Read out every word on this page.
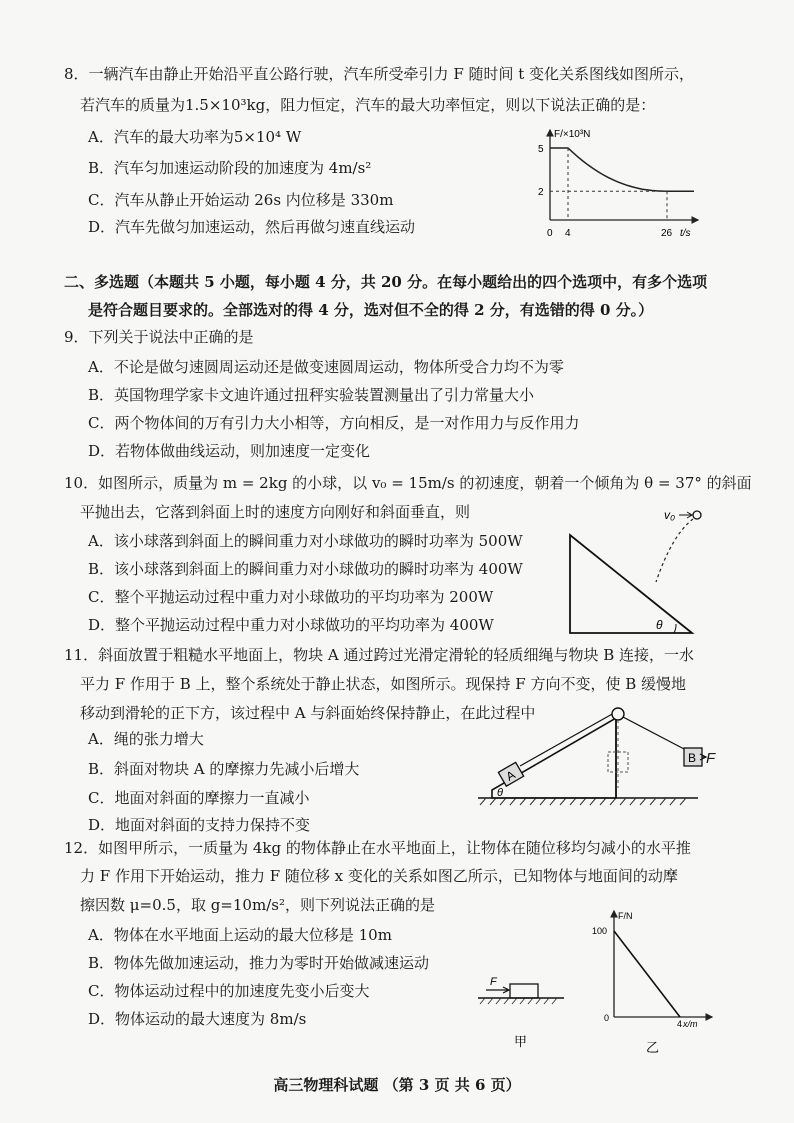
8．一辆汽车由静止开始沿平直公路行驶，汽车所受牵引力 F 随时间 t 变化关系图线如图所示，
若汽车的质量为1.5×10³kg，阻力恒定，汽车的最大功率恒定，则以下说法正确的是：
A．汽车的最大功率为5×10⁴ W
B．汽车匀加速运动阶段的加速度为 4m/s²
C．汽车从静止开始运动 26s 内位移是 330m
D．汽车先做匀加速运动，然后再做匀速直线运动
F/×10³N
t/s
0
5
2
4	26
二、多选题（本题共 5 小题，每小题 4 分，共 20 分。在每小题给出的四个选项中，有多个选项
是符合题目要求的。全部选对的得 4 分，选对但不全的得 2 分，有选错的得 0 分。）
9．下列关于说法中正确的是
A．不论是做匀速圆周运动还是做变速圆周运动，物体所受合力均不为零
B．英国物理学家卡文迪许通过扭秤实验装置测量出了引力常量大小
C．两个物体间的万有引力大小相等，方向相反，是一对作用力与反作用力
D．若物体做曲线运动，则加速度一定变化
10．如图所示，质量为 m = 2kg 的小球，以 v₀ = 15m/s 的初速度，朝着一个倾角为 θ = 37° 的斜面
平抛出去，它落到斜面上时的速度方向刚好和斜面垂直，则
A．该小球落到斜面上的瞬间重力对小球做功的瞬时功率为 500W
B．该小球落到斜面上的瞬间重力对小球做功的瞬时功率为 400W
C．整个平抛运动过程中重力对小球做功的平均功率为 200W
D．整个平抛运动过程中重力对小球做功的平均功率为 400W	θ
v₀
11．斜面放置于粗糙水平地面上，物块 A 通过跨过光滑定滑轮的轻质细绳与物块 B 连接，一水
平力 F 作用于 B 上，整个系统处于静止状态，如图所示。现保持 F 方向不变，使 B 缓慢地
移动到滑轮的正下方，该过程中 A 与斜面始终保持静止，在此过程中
A．绳的张力增大
B．斜面对物块 A 的摩擦力先减小后增大
C．地面对斜面的摩擦力一直减小
D．地面对斜面的支持力保持不变
A
B
θ
F
12．如图甲所示，一质量为 4kg 的物体静止在水平地面上，让物体在随位移均匀减小的水平推
力 F 作用下开始运动，推力 F 随位移 x 变化的关系如图乙所示，已知物体与地面间的动摩
擦因数 μ=0.5，取 g=10m/s²，则下列说法正确的是
A．物体在水平地面上运动的最大位移是 10m
B．物体先做加速运动，推力为零时开始做减速运动
C．物体运动过程中的加速度先变小后变大
D．物体运动的最大速度为 8m/s
F
甲
F/N
x/m
0
100
4
乙
高三物理科试题 （第 3 页 共 6 页）
